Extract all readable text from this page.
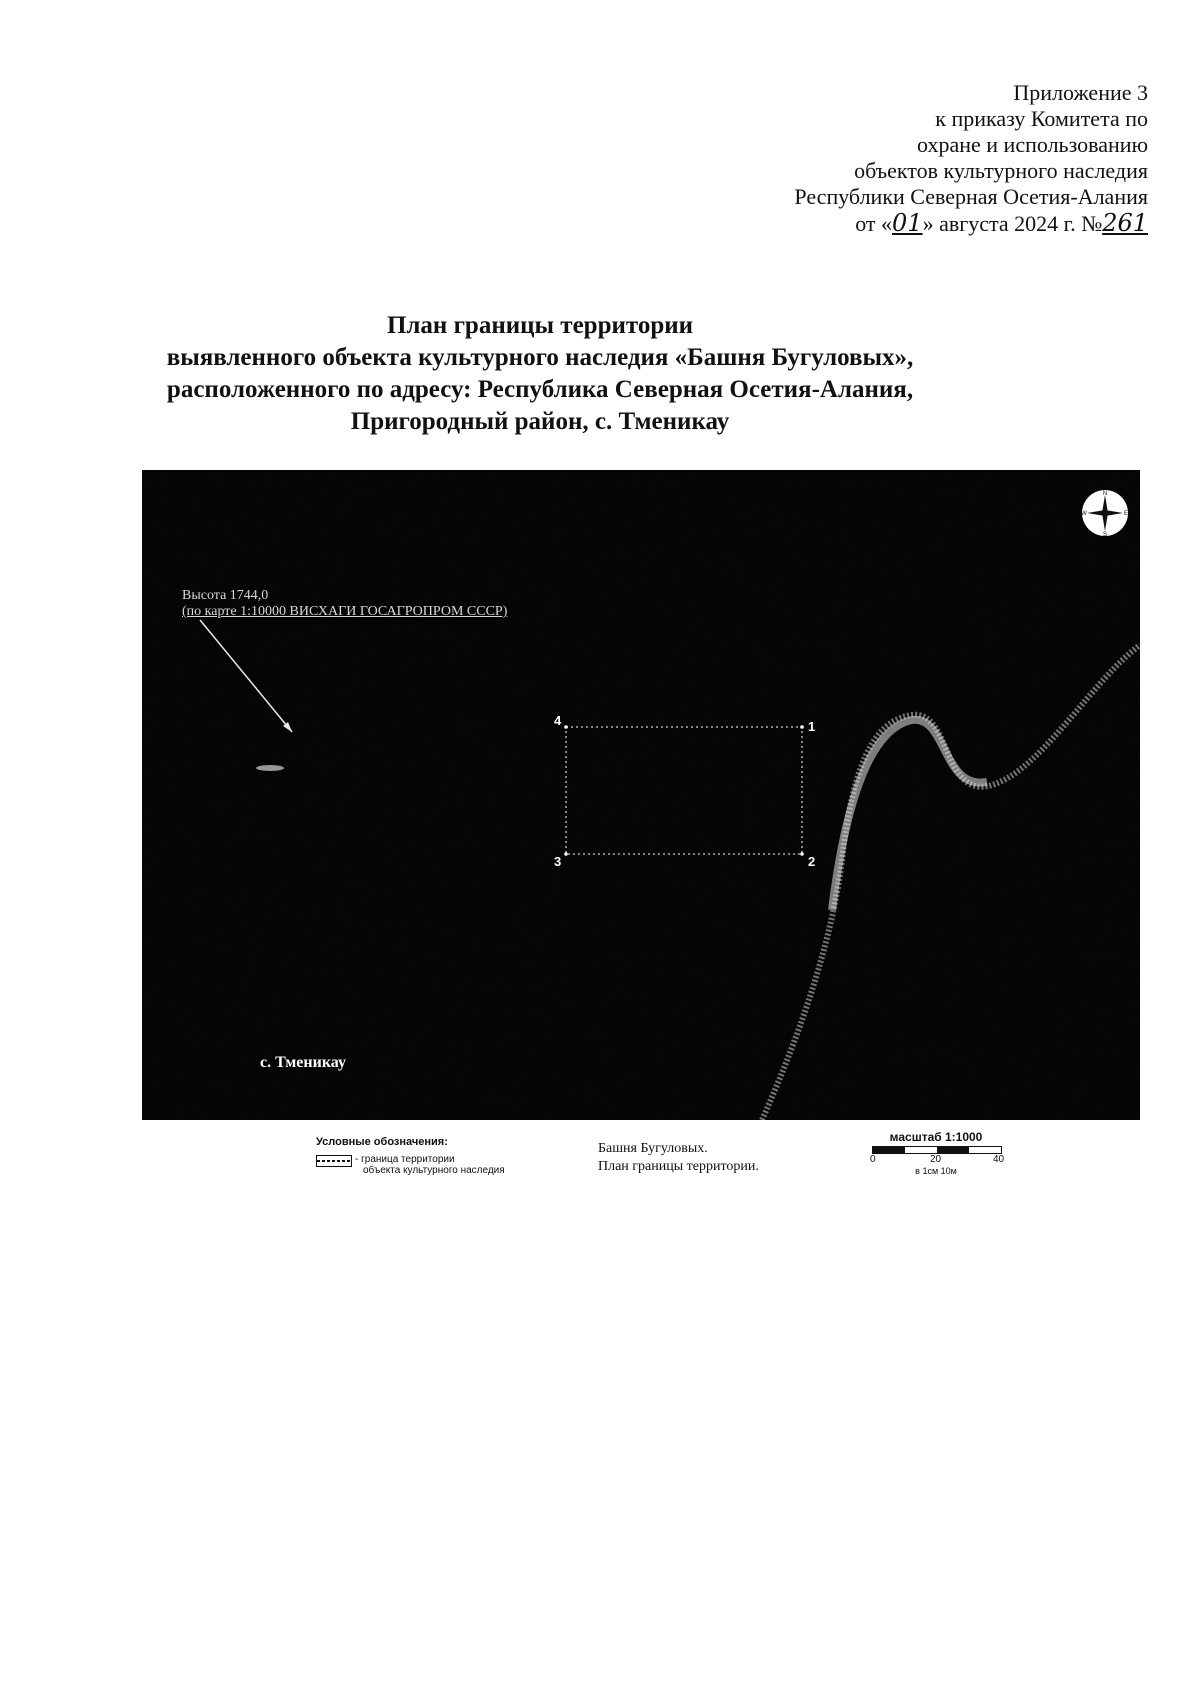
Приложение 3
к приказу Комитета по
охране и использованию
объектов культурного наследия
Республики Северная Осетия-Алания
от «01» августа 2024 г. №261
План границы территории
выявленного объекта культурного наследия «Башня Бугуловых»,
расположенного по адресу: Республика Северная Осетия-Алания,
Пригородный район, с. Тменикау
Высота 1744,0
(по карте 1:10000 ВИСХАГИ ГОСАГРОПРОМ СССР)
1
2
3
4
с. Тменикау
N
S
E
W
Условные обозначения:
- граница территории
объекта культурного наследия
Башня Бугуловых.
План границы территории.
масштаб 1:1000
0	20	40
в 1см 10м
